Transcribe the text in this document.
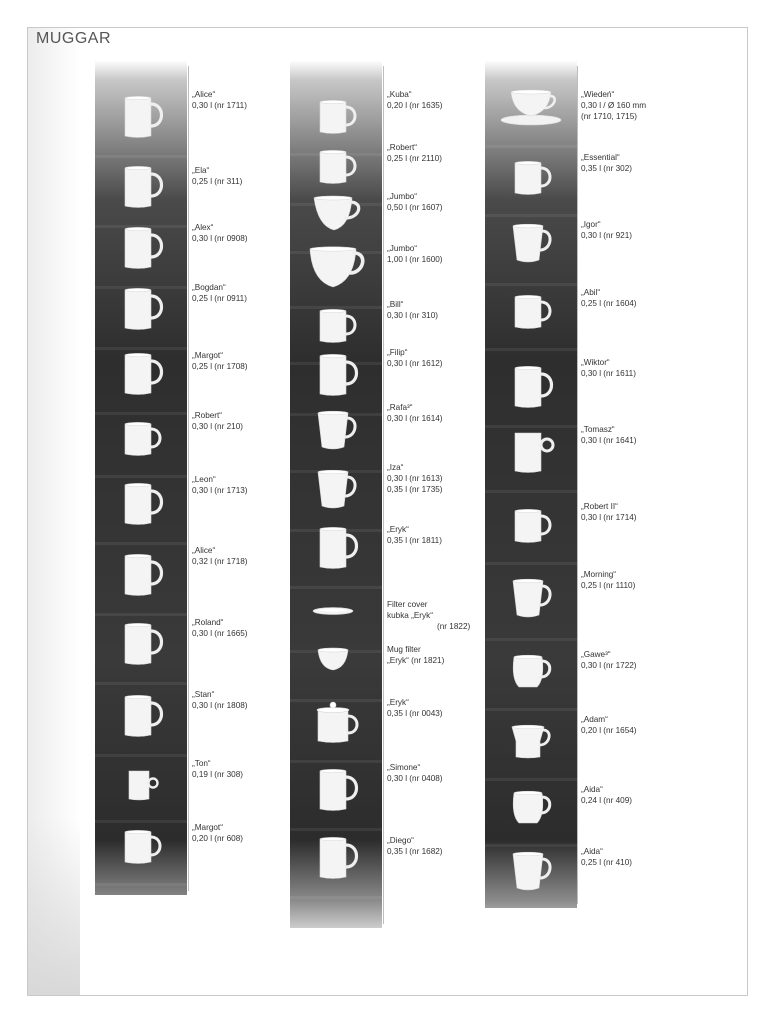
MUGGAR
„Alice“
0,30 l (nr 1711)
„Ela“
0,25 l (nr 311)
„Alex“
0,30 l (nr 0908)
„Bogdan“
0,25 l (nr 0911)
„Margot“
0,25 l (nr 1708)
„Robert“
0,30 l (nr 210)
„Leon“
0,30 l (nr 1713)
„Alice“
0,32 l (nr 1718)
„Roland“
0,30 l (nr 1665)
„Stan“
0,30 l (nr 1808)
„Ton“
0,19 l (nr 308)
„Margot“
0,20 l (nr 608)
„Kuba“
0,20 l (nr 1635)
„Robert“
0,25 l (nr 2110)
„Jumbo“
0,50 l (nr 1607)
„Jumbo“
1,00 l (nr 1600)
„Bill“
0,30 l (nr 310)
„Filip“
0,30 l (nr 1612)
„Rafa³“
0,30 l (nr 1614)
„Iza“
0,30 l (nr 1613)
0,35 l (nr 1735)
„Eryk“
0,35 l (nr 1811)
Filter cover
kubka „Eryk“
(nr 1822)
Mug filter
„Eryk“ (nr 1821)
„Eryk“
0,35 l (nr 0043)
„Simone“
0,30 l (nr 0408)
„Diego“
0,35 l (nr 1682)
„Wiedeń“
0,30 l / Ø 160 mm
(nr 1710, 1715)
„Essential“
0,35 l (nr 302)
„Igor“
0,30 l (nr 921)
„Abil“
0,25 l (nr 1604)
„Wiktor“
0,30 l (nr 1611)
„Tomasz“
0,30 l (nr 1641)
„Robert II“
0,30 l (nr 1714)
„Morning“
0,25 l (nr 1110)
„Gawe³“
0,30 l (nr 1722)
„Adam“
0,20 l (nr 1654)
„Aida“
0,24 l (nr 409)
„Aida“
0,25 l (nr 410)
